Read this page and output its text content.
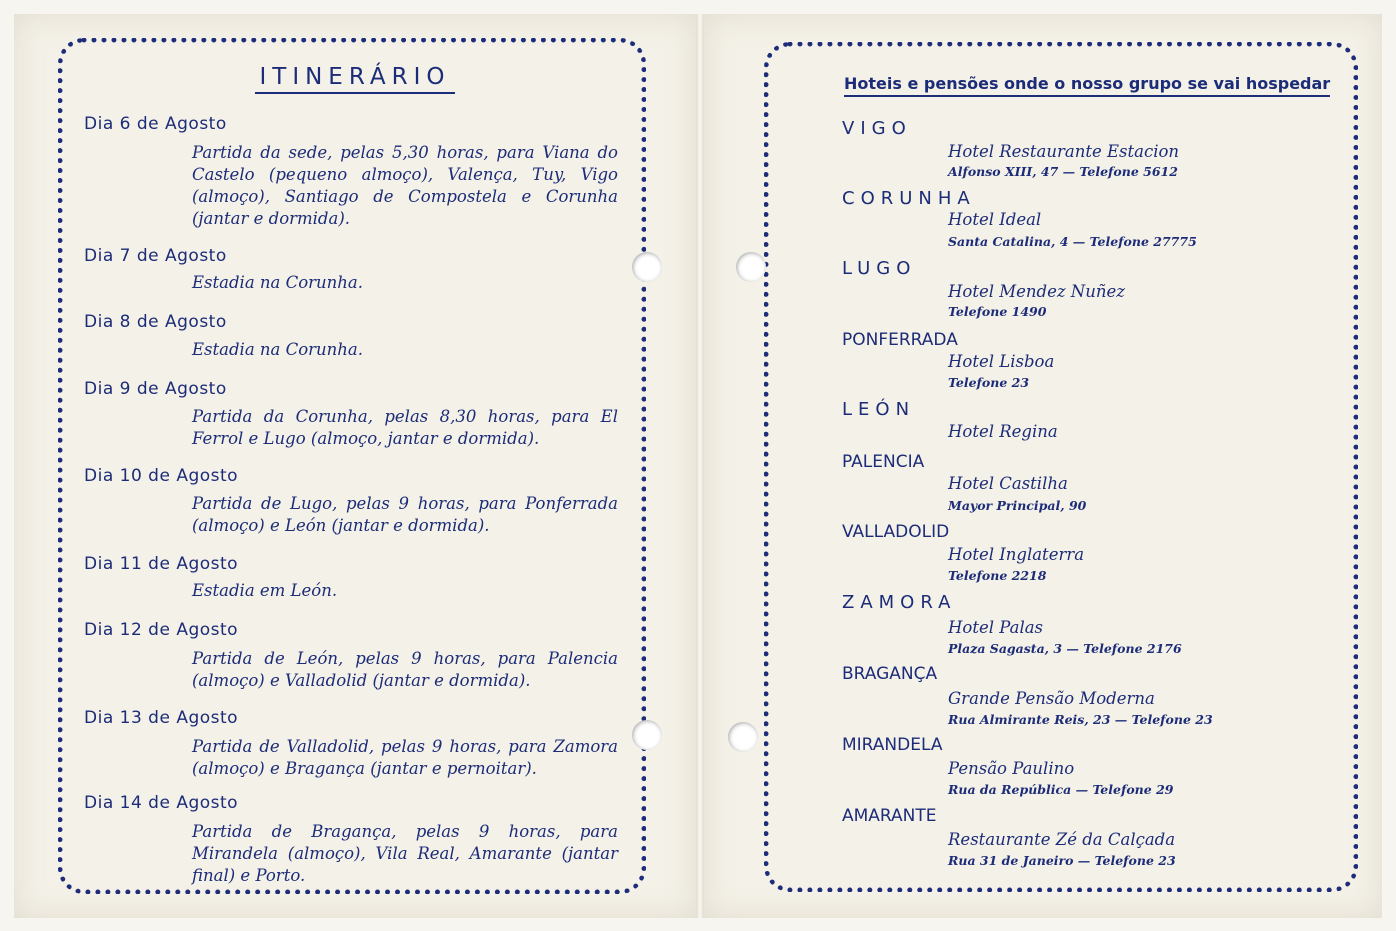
ITINERÁRIO
Dia 6 de Agosto
Partida da sede, pelas 5,30 horas, para Viana do Castelo (pequeno almoço), Valença, Tuy, Vigo (almoço), Santiago de Compostela e Corunha (jantar e dormida).
Dia 7 de Agosto
Estadia na Corunha.
Dia 8 de Agosto
Estadia na Corunha.
Dia 9 de Agosto
Partida da Corunha, pelas 8,30 horas, para El Ferrol e Lugo (almoço, jantar e dormida).
Dia 10 de Agosto
Partida de Lugo, pelas 9 horas, para Ponferrada (almoço) e León (jantar e dormida).
Dia 11 de Agosto
Estadia em León.
Dia 12 de Agosto
Partida de León, pelas 9 horas, para Palencia (almoço) e Valladolid (jantar e dormida).
Dia 13 de Agosto
Partida de Valladolid, pelas 9 horas, para Zamora (almoço) e Bragança (jantar e pernoitar).
Dia 14 de Agosto
Partida de Bragança, pelas 9 horas, para Mirandela (almoço), Vila Real, Amarante (jantar final) e Porto.
Hoteis e pensões onde o nosso grupo se vai hospedar
VIGO
Hotel Restaurante Estacion
Alfonso XIII, 47 — Telefone 5612
CORUNHA
Hotel Ideal
Santa Catalina, 4 — Telefone 27775
LUGO
Hotel Mendez Nuñez
Telefone 1490
PONFERRADA
Hotel Lisboa
Telefone 23
LEÓN
Hotel Regina
PALENCIA
Hotel Castilha
Mayor Principal, 90
VALLADOLID
Hotel Inglaterra
Telefone 2218
ZAMORA
Hotel Palas
Plaza Sagasta, 3 — Telefone 2176
BRAGANÇA
Grande Pensão Moderna
Rua Almirante Reis, 23 — Telefone 23
MIRANDELA
Pensão Paulino
Rua da República — Telefone 29
AMARANTE
Restaurante Zé da Calçada
Rua 31 de Janeiro — Telefone 23
